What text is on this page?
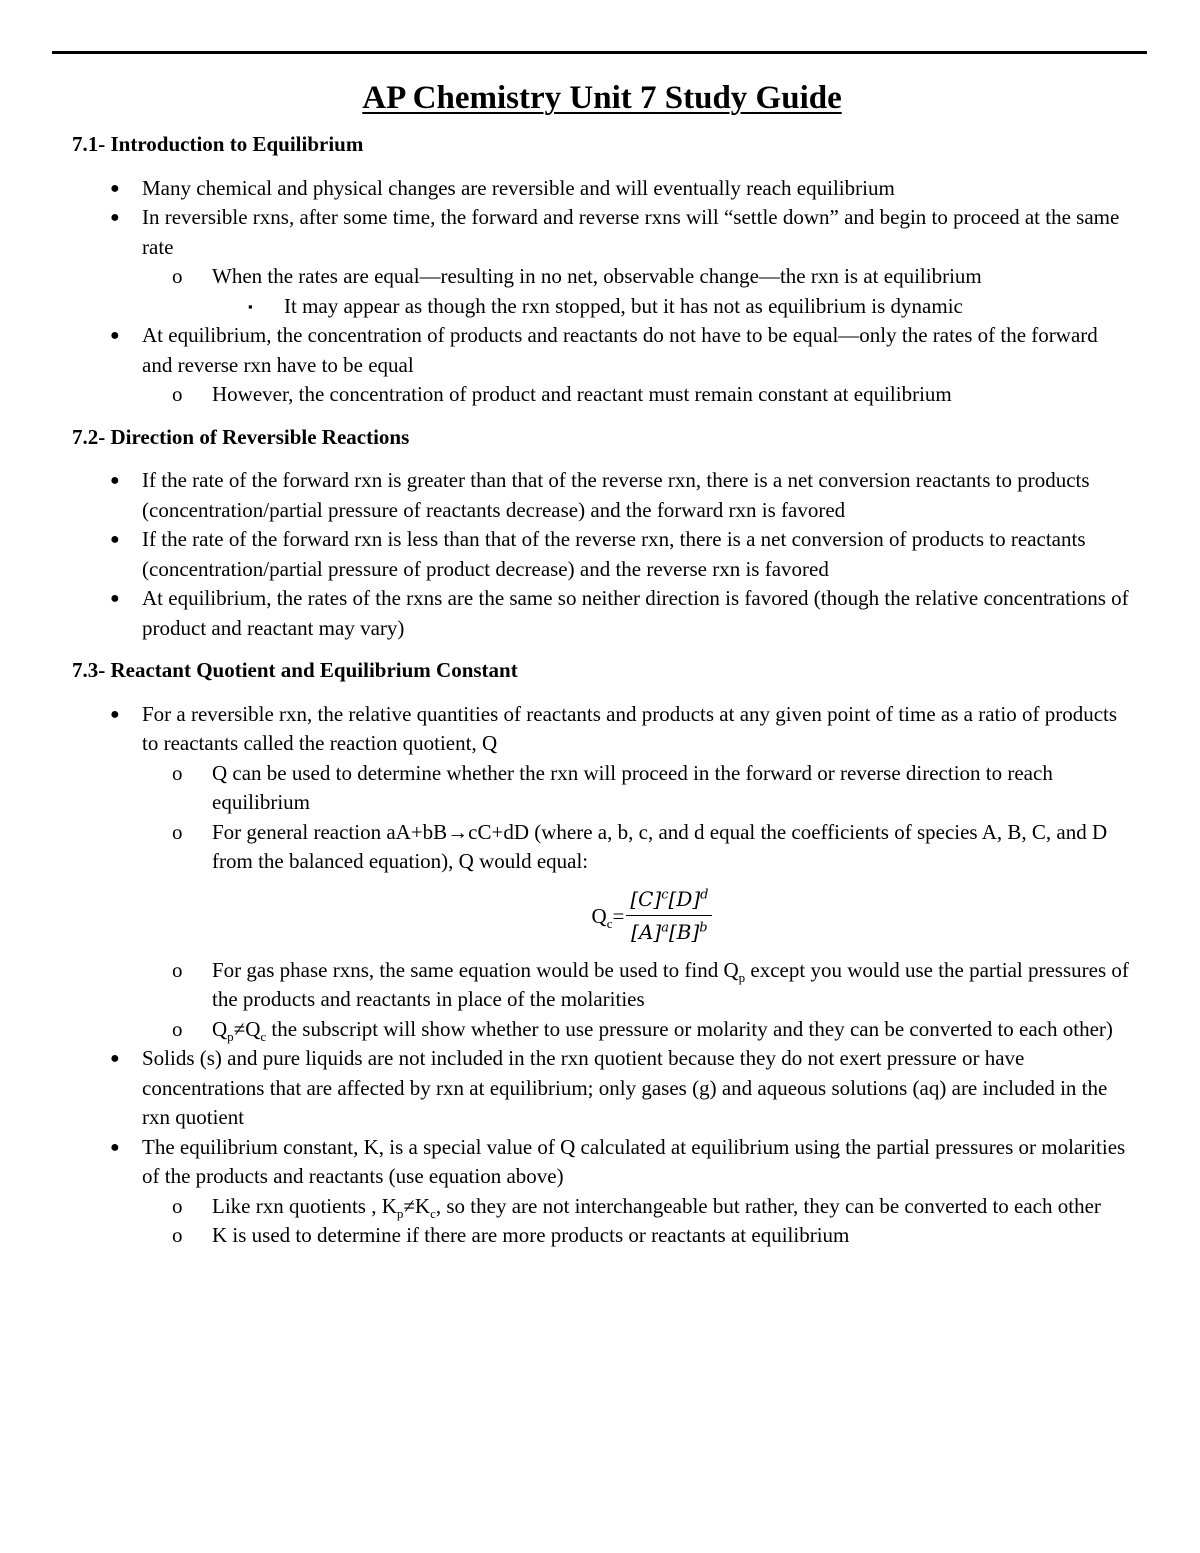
AP Chemistry Unit 7 Study Guide
7.1- Introduction to Equilibrium
● Many chemical and physical changes are reversible and will eventually reach equilibrium
● In reversible rxns, after some time, the forward and reverse rxns will “settle down” and begin to proceed at the same rate
o When the rates are equal—resulting in no net, observable change—the rxn is at equilibrium
▪ It may appear as though the rxn stopped, but it has not as equilibrium is dynamic
● At equilibrium, the concentration of products and reactants do not have to be equal—only the rates of the forward and reverse rxn have to be equal
o However, the concentration of product and reactant must remain constant at equilibrium
7.2- Direction of Reversible Reactions
● If the rate of the forward rxn is greater than that of the reverse rxn, there is a net conversion reactants to products (concentration/partial pressure of reactants decrease) and the forward rxn is favored
● If the rate of the forward rxn is less than that of the reverse rxn, there is a net conversion of products to reactants (concentration/partial pressure of product decrease) and the reverse rxn is favored
● At equilibrium, the rates of the rxns are the same so neither direction is favored (though the relative concentrations of product and reactant may vary)
7.3- Reactant Quotient and Equilibrium Constant
● For a reversible rxn, the relative quantities of reactants and products at any given point of time as a ratio of products to reactants called the reaction quotient, Q
o Q can be used to determine whether the rxn will proceed in the forward or reverse direction to reach equilibrium
o For general reaction aA+bB→cC+dD (where a, b, c, and d equal the coefficients of species A, B, C, and D from the balanced equation), Q would equal:
$Q_c= \frac{[C]^c[D]^d}{[A]^a[B]^b}$
o For gas phase rxns, the same equation would be used to find $Q_p$ except you would use the partial pressures of the products and reactants in place of the molarities
o $Q_p\ne Q_c$ the subscript will show whether to use pressure or molarity and they can be converted to each other)
● Solids (s) and pure liquids are not included in the rxn quotient because they do not exert pressure or have concentrations that are affected by rxn at equilibrium; only gases (g) and aqueous solutions (aq) are included in the rxn quotient
● The equilibrium constant, K, is a special value of Q calculated at equilibrium using the partial pressures or molarities of the products and reactants (use equation above)
o Like rxn quotients , $K_p\ne K_c$, so they are not interchangeable but rather, they can be converted to each other
o K is used to determine if there are more products or reactants at equilibrium
